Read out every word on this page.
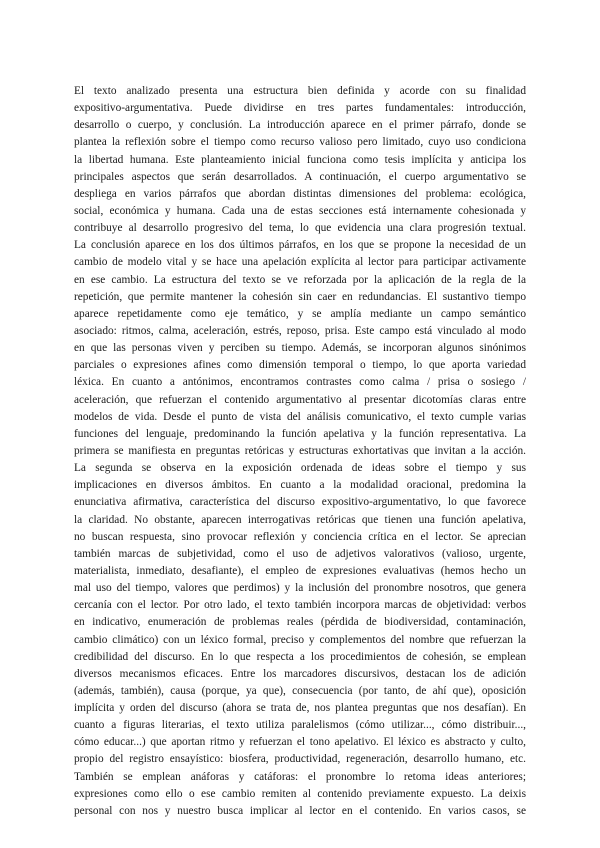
El texto analizado presenta una estructura bien definida y acorde con su finalidad
expositivo-argumentativa. Puede dividirse en tres partes fundamentales: introducción,
desarrollo o cuerpo, y conclusión. La introducción aparece en el primer párrafo, donde se
plantea la reflexión sobre el tiempo como recurso valioso pero limitado, cuyo uso condiciona
la libertad humana. Este planteamiento inicial funciona como tesis implícita y anticipa los
principales aspectos que serán desarrollados. A continuación, el cuerpo argumentativo se
despliega en varios párrafos que abordan distintas dimensiones del problema: ecológica,
social, económica y humana. Cada una de estas secciones está internamente cohesionada y
contribuye al desarrollo progresivo del tema, lo que evidencia una clara progresión textual.
La conclusión aparece en los dos últimos párrafos, en los que se propone la necesidad de un
cambio de modelo vital y se hace una apelación explícita al lector para participar activamente
en ese cambio. La estructura del texto se ve reforzada por la aplicación de la regla de la
repetición, que permite mantener la cohesión sin caer en redundancias. El sustantivo tiempo
aparece repetidamente como eje temático, y se amplía mediante un campo semántico
asociado: ritmos, calma, aceleración, estrés, reposo, prisa. Este campo está vinculado al modo
en que las personas viven y perciben su tiempo. Además, se incorporan algunos sinónimos
parciales o expresiones afines como dimensión temporal o tiempo, lo que aporta variedad
léxica. En cuanto a antónimos, encontramos contrastes como calma / prisa o sosiego /
aceleración, que refuerzan el contenido argumentativo al presentar dicotomías claras entre
modelos de vida. Desde el punto de vista del análisis comunicativo, el texto cumple varias
funciones del lenguaje, predominando la función apelativa y la función representativa. La
primera se manifiesta en preguntas retóricas y estructuras exhortativas que invitan a la acción.
La segunda se observa en la exposición ordenada de ideas sobre el tiempo y sus
implicaciones en diversos ámbitos. En cuanto a la modalidad oracional, predomina la
enunciativa afirmativa, característica del discurso expositivo-argumentativo, lo que favorece
la claridad. No obstante, aparecen interrogativas retóricas que tienen una función apelativa,
no buscan respuesta, sino provocar reflexión y conciencia crítica en el lector. Se aprecian
también marcas de subjetividad, como el uso de adjetivos valorativos (valioso, urgente,
materialista, inmediato, desafiante), el empleo de expresiones evaluativas (hemos hecho un
mal uso del tiempo, valores que perdimos) y la inclusión del pronombre nosotros, que genera
cercanía con el lector. Por otro lado, el texto también incorpora marcas de objetividad: verbos
en indicativo, enumeración de problemas reales (pérdida de biodiversidad, contaminación,
cambio climático) con un léxico formal, preciso y complementos del nombre que refuerzan la
credibilidad del discurso. En lo que respecta a los procedimientos de cohesión, se emplean
diversos mecanismos eficaces. Entre los marcadores discursivos, destacan los de adición
(además, también), causa (porque, ya que), consecuencia (por tanto, de ahí que), oposición
implícita y orden del discurso (ahora se trata de, nos plantea preguntas que nos desafían). En
cuanto a figuras literarias, el texto utiliza paralelismos (cómo utilizar..., cómo distribuir...,
cómo educar...) que aportan ritmo y refuerzan el tono apelativo. El léxico es abstracto y culto,
propio del registro ensayístico: biosfera, productividad, regeneración, desarrollo humano, etc.
También se emplean anáforas y catáforas: el pronombre lo retoma ideas anteriores;
expresiones como ello o ese cambio remiten al contenido previamente expuesto. La deixis
personal con nos y nuestro busca implicar al lector en el contenido. En varios casos, se
